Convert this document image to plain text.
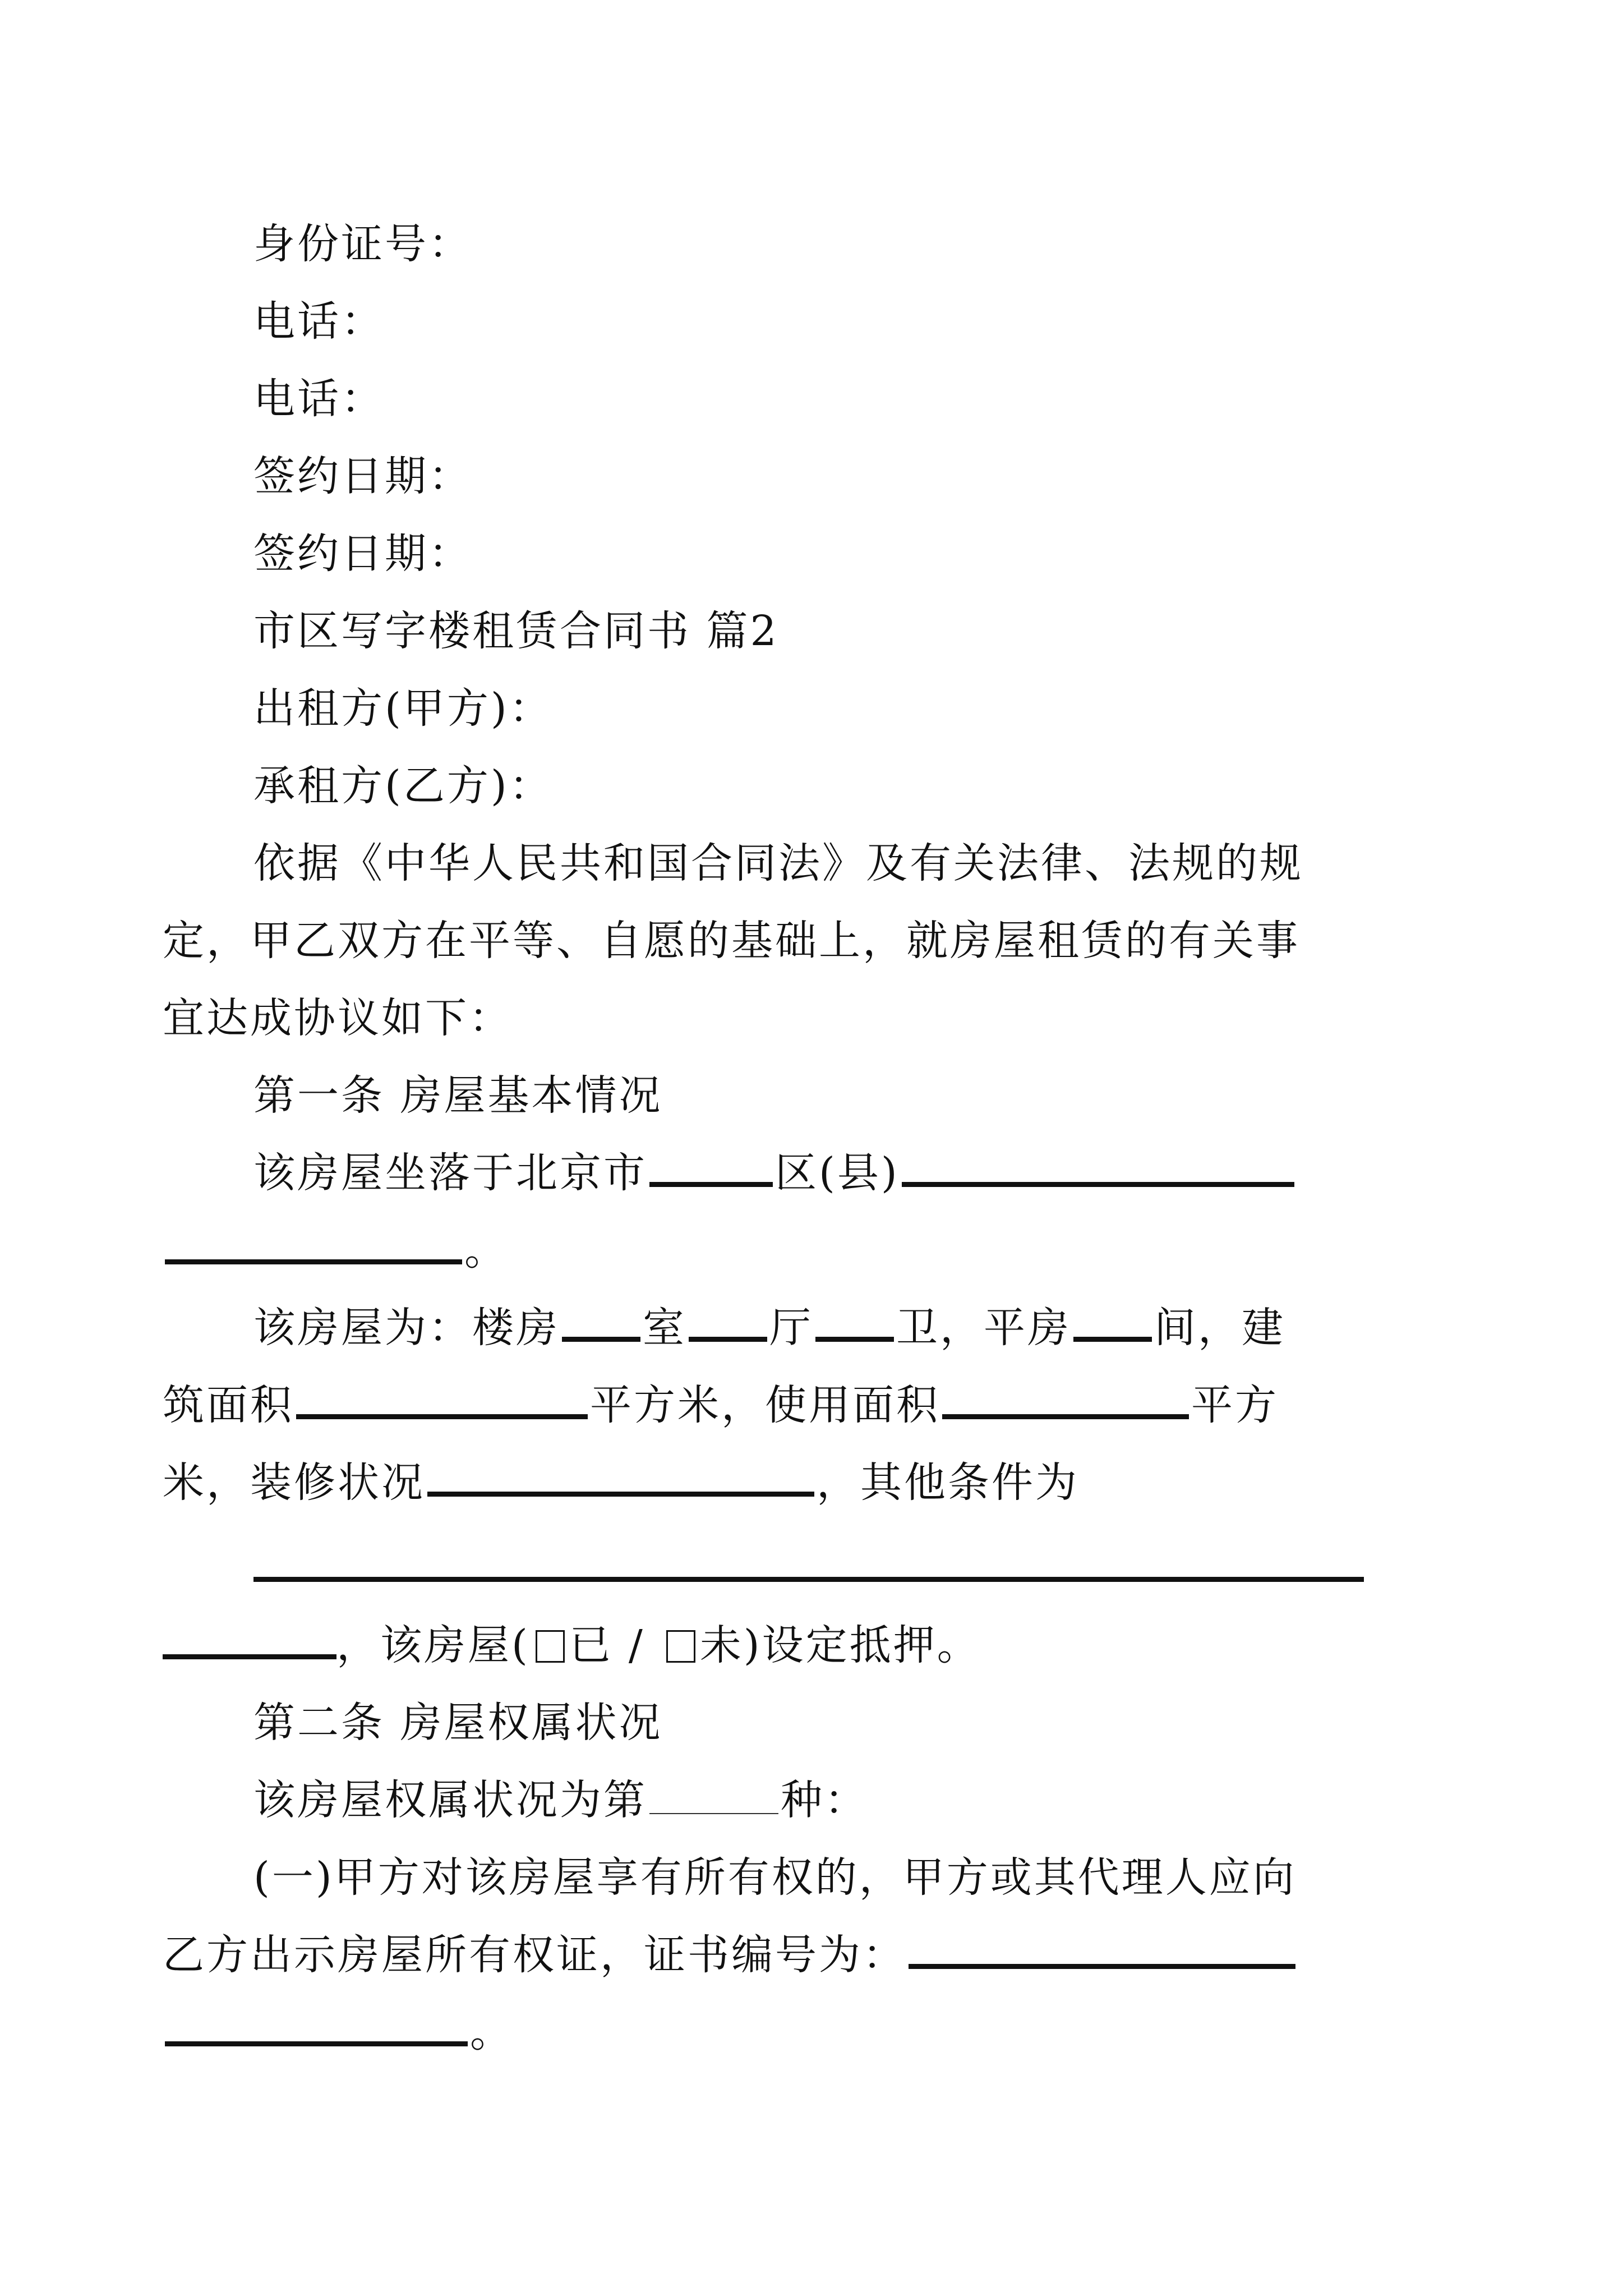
身份证号：
电话：
电话：
签约日期：
签约日期：
市区写字楼租赁合同书 篇2
出租方(甲方)：
承租方(乙方)：
依据《中华人民共和国合同法》及有关法律、法规的规
定，甲乙双方在平等、自愿的基础上，就房屋租赁的有关事
宜达成协议如下：
第一条 房屋基本情况
该房屋坐落于北京市	区(县)
。
该房屋为：楼房 室 厅 卫，平房 间，建
筑面积	平方米，使用面积	平方
米，装修状况	，其他条件为
，该房屋( 已 / 未)设定抵押。
第二条 房屋权属状况
该房屋权属状况为第	种：
(一)甲方对该房屋享有所有权的，甲方或其代理人应向
乙方出示房屋所有权证，证书编号为：
。
